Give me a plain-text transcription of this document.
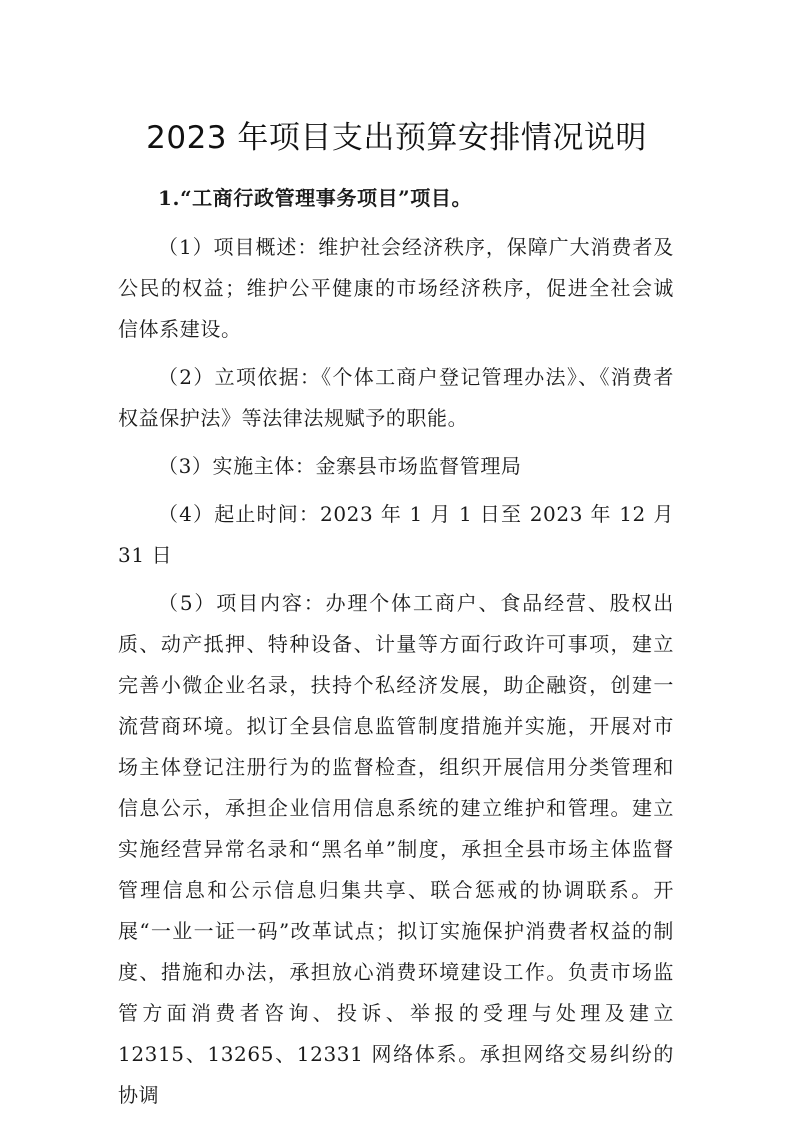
2023 年项目支出预算安排情况说明

1.“工商行政管理事务项目”项目。

（1）项目概述：维护社会经济秩序，保障广大消费者及公民的权益；维护公平健康的市场经济秩序，促进全社会诚信体系建设。

（2）立项依据：《个体工商户登记管理办法》、《消费者权益保护法》等法律法规赋予的职能。

（3）实施主体：金寨县市场监督管理局

（4）起止时间：2023 年 1 月 1 日至 2023 年 12 月 31 日

（5）项目内容：办理个体工商户、食品经营、股权出质、动产抵押、特种设备、计量等方面行政许可事项，建立完善小微企业名录，扶持个私经济发展，助企融资，创建一流营商环境。拟订全县信息监管制度措施并实施，开展对市场主体登记注册行为的监督检查，组织开展信用分类管理和信息公示，承担企业信用信息系统的建立维护和管理。建立实施经营异常名录和“黑名单”制度，承担全县市场主体监督管理信息和公示信息归集共享、联合惩戒的协调联系。开展“一业一证一码”改革试点；拟订实施保护消费者权益的制度、措施和办法，承担放心消费环境建设工作。负责市场监管方面消费者咨询、投诉、举报的受理与处理及建立12315、13265、12331 网络体系。承担网络交易纠纷的协调
